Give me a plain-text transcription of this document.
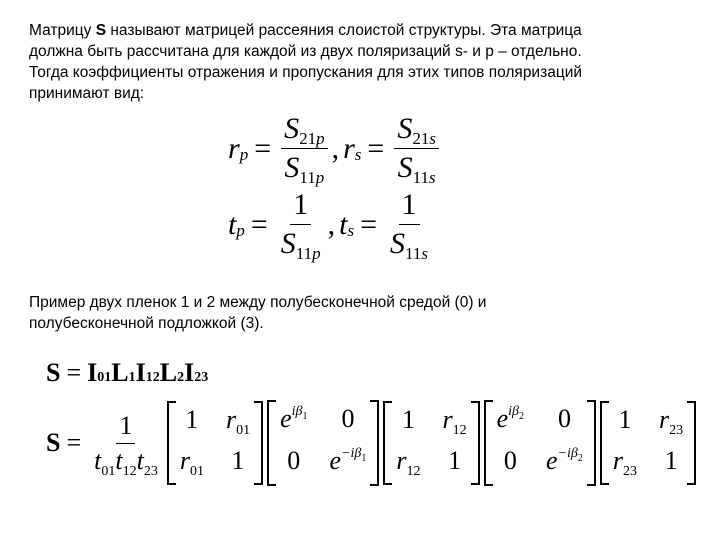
Матрицу S называют матрицей рассеяния слоистой структуры. Эта матрица

должна быть рассчитана для каждой из двух поляризаций s- и p – отдельно.

Тогда коэффициенты отражения и пропускания для этих типов поляризаций

принимают вид:

r $p = \frac{S_{21p}}{S_{11p}}$ , r $s = \frac{S_{21s}}{S_{11s}}$
t $p = \frac{1}{S_{11p}}$ , t $s = \frac{1}{S_{11s}}$

Пример двух пленок 1 и 2 между полубесконечной средой (0) и

полубесконечной подложкой (3).

S = I 01 L 1 I 12 L 2 I 23
$S = \frac{1}{t_{01}t_{12}t_{23}} 1$ $r_{01}$
$r_{01}$ 1
$e^{i\beta 1}$	0
0 $e^{-i\beta 1}$
1 $r_{12}$
$r_{12}$ 1
$e^{i\beta 2}$	0
0 $e^{-i\beta 2}$
1 $r_{23}$
$r_{23}$ 1
